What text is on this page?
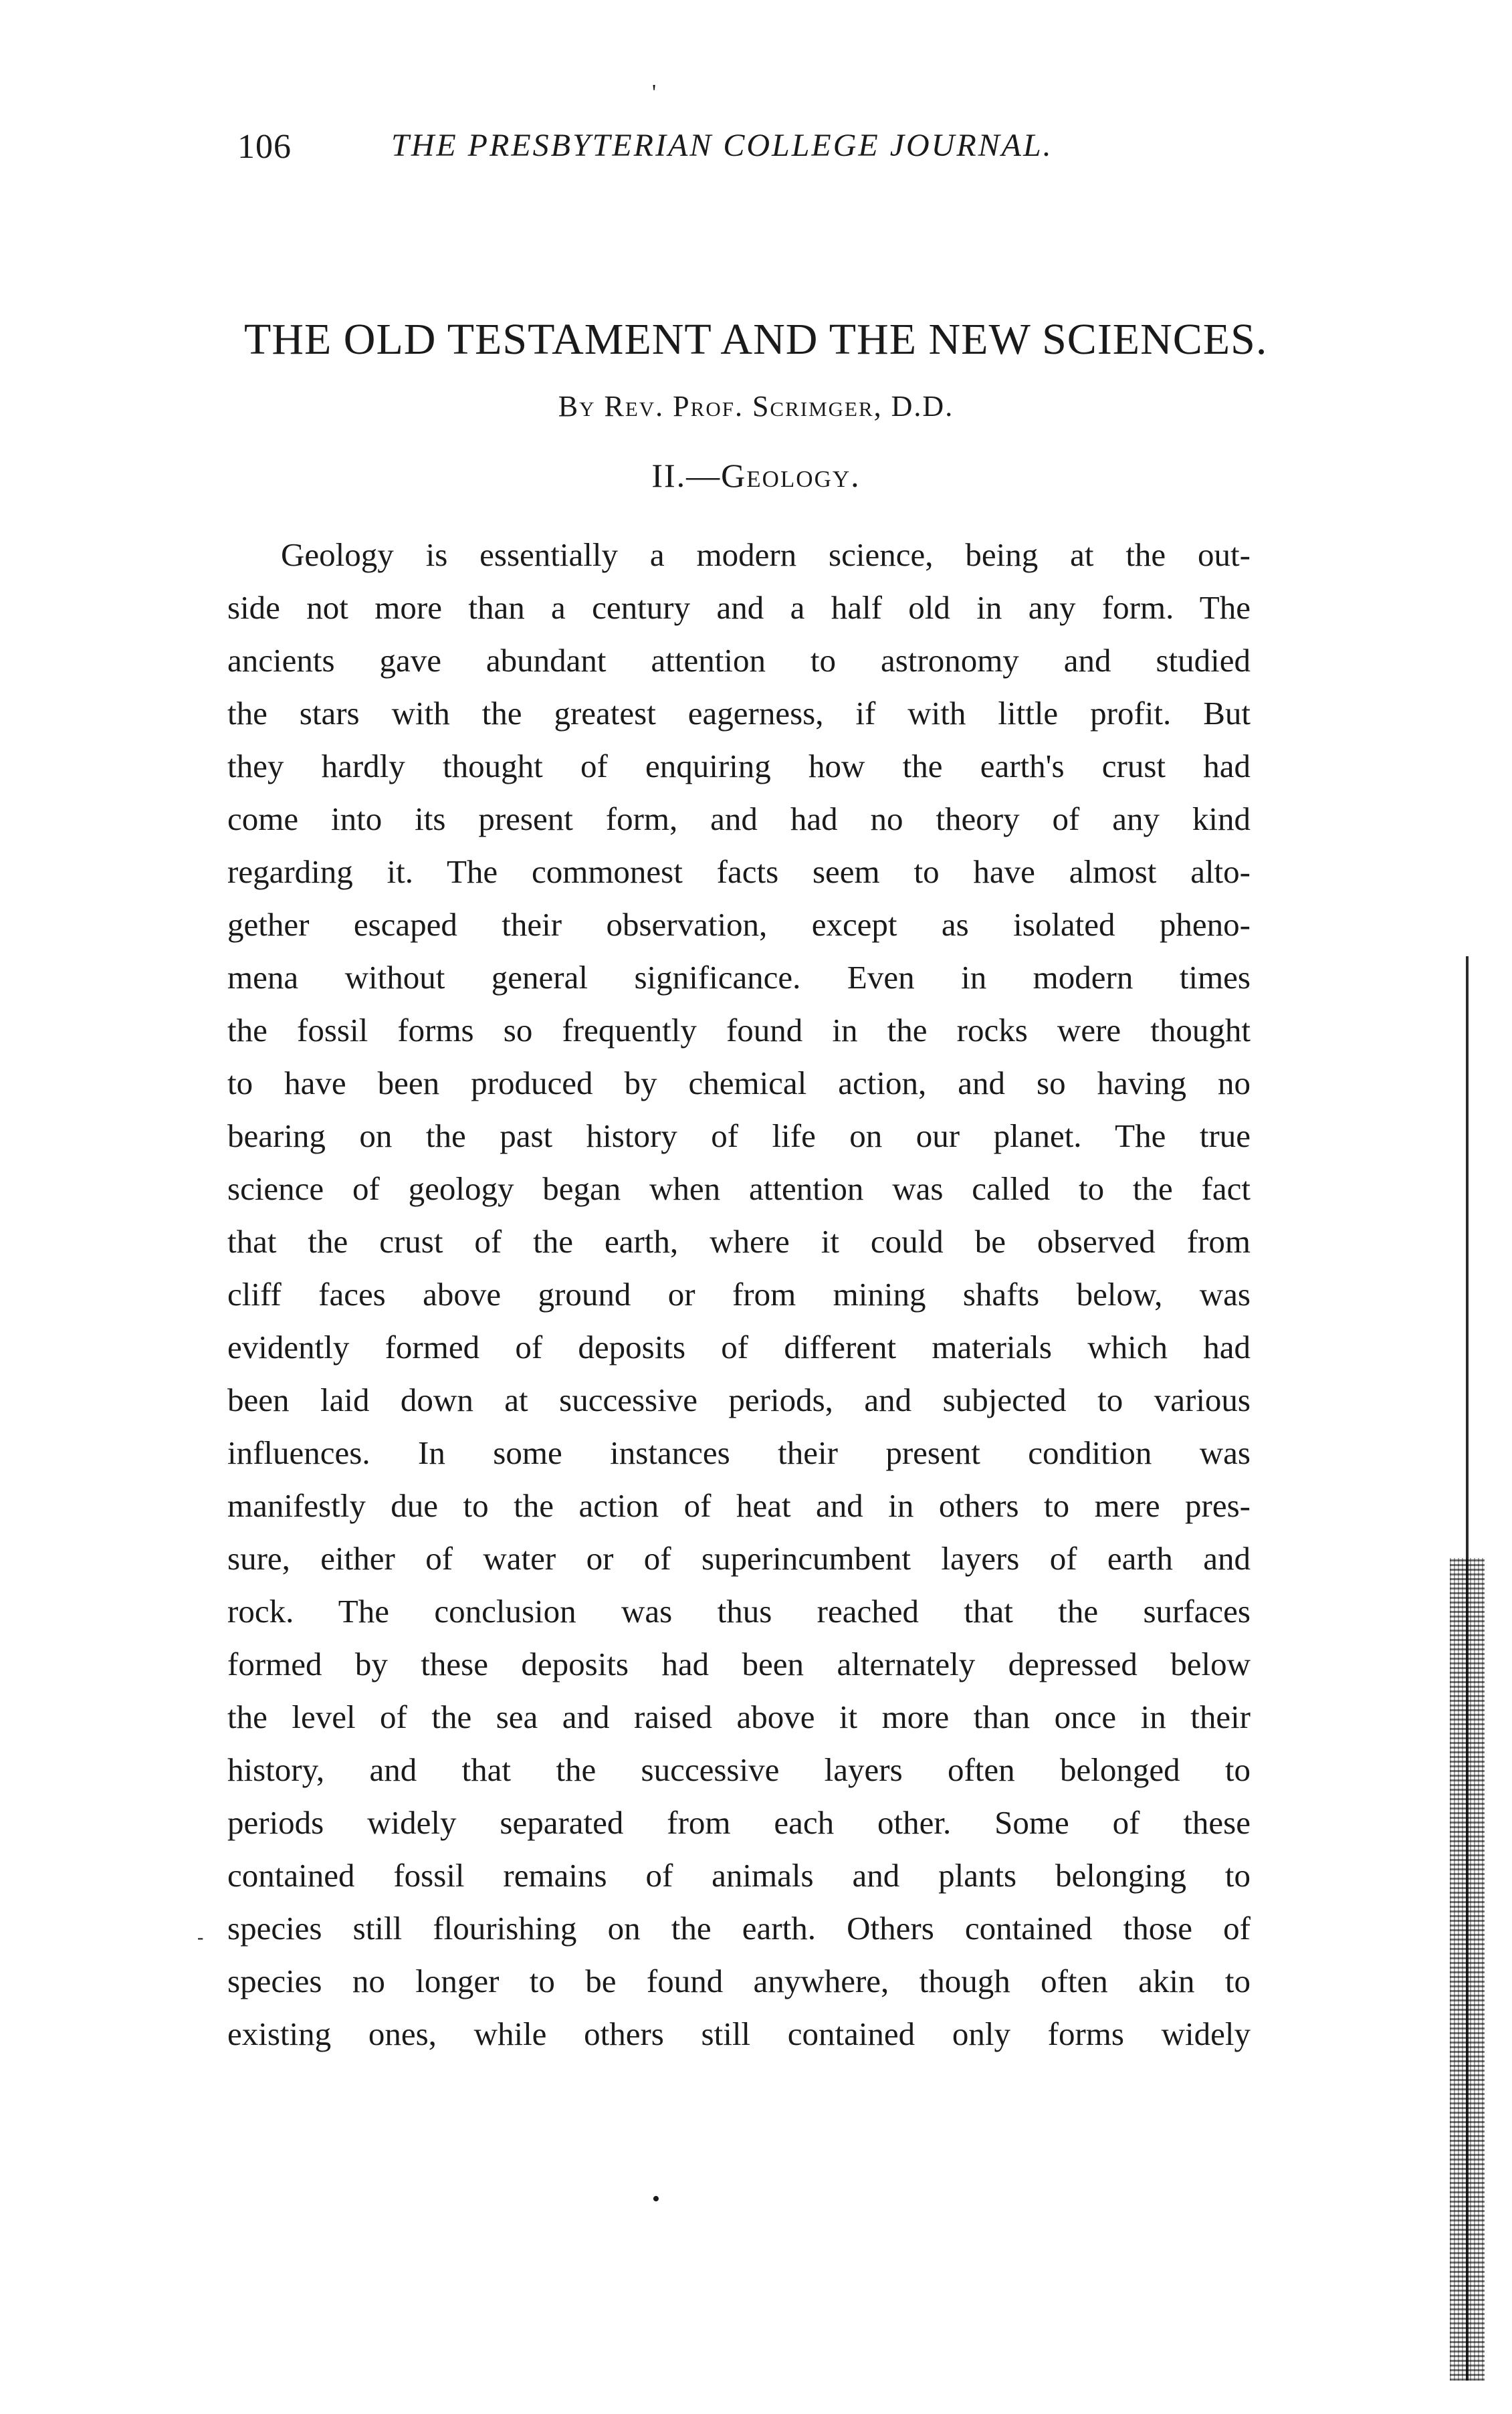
'
106	THE PRESBYTERIAN COLLEGE JOURNAL.
THE OLD TESTAMENT AND THE NEW SCIENCES.
By Rev. Prof. Scrimger, D.D.
II.—Geology.
Geology is essentially a modern science, being at the out-
side not more than a century and a half old in any form. The
ancients gave abundant attention to astronomy and studied
the stars with the greatest eagerness, if with little profit. But
they hardly thought of enquiring how the earth's crust had
come into its present form, and had no theory of any kind
regarding it. The commonest facts seem to have almost alto-
gether escaped their observation, except as isolated pheno-
mena without general significance. Even in modern times
the fossil forms so frequently found in the rocks were thought
to have been produced by chemical action, and so having no
bearing on the past history of life on our planet. The true
science of geology began when attention was called to the fact
that the crust of the earth, where it could be observed from
cliff faces above ground or from mining shafts below, was
evidently formed of deposits of different materials which had
been laid down at successive periods, and subjected to various
influences. In some instances their present condition was
manifestly due to the action of heat and in others to mere pres-
sure, either of water or of superincumbent layers of earth and
rock. The conclusion was thus reached that the surfaces
formed by these deposits had been alternately depressed below
the level of the sea and raised above it more than once in their
history, and that the successive layers often belonged to
periods widely separated from each other. Some of these
contained fossil remains of animals and plants belonging to
species still flourishing on the earth. Others contained those of
species no longer to be found anywhere, though often akin to
existing ones, while others still contained only forms widely
-
•
